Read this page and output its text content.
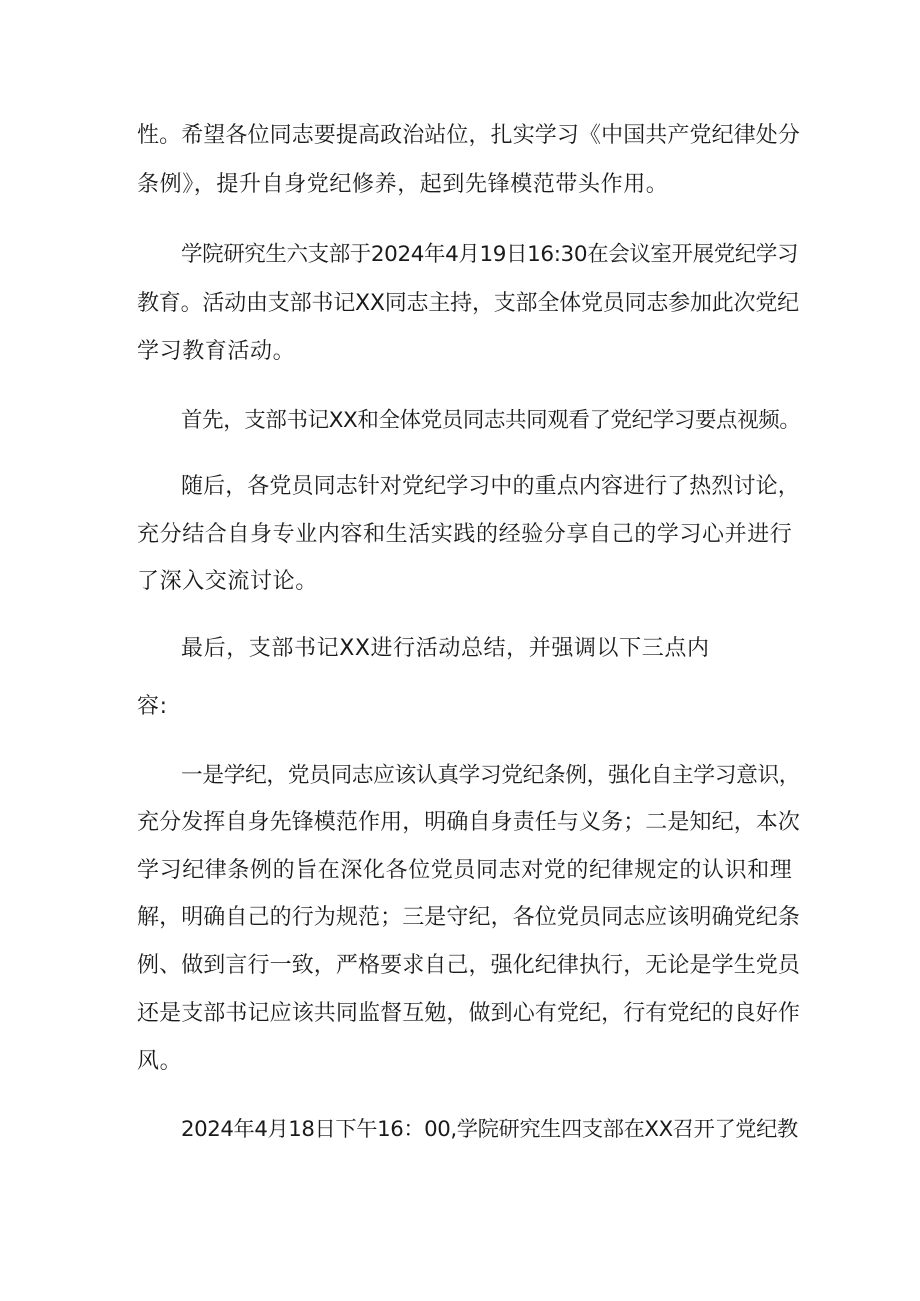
性。希望各位同志要提高政治站位，扎实学习《中国共产党纪律处分
条例》，提升自身党纪修养，起到先锋模范带头作用。
学院研究生六支部于2024年4月19日16:30在会议室开展党纪学习
教育。活动由支部书记XX同志主持，支部全体党员同志参加此次党纪
学习教育活动。
首先，支部书记XX和全体党员同志共同观看了党纪学习要点视频。
随后，各党员同志针对党纪学习中的重点内容进行了热烈讨论，
充分结合自身专业内容和生活实践的经验分享自己的学习心并进行
了深入交流讨论。
最后，支部书记XX进行活动总结，并强调以下三点内
容:
一是学纪，党员同志应该认真学习党纪条例，强化自主学习意识，
充分发挥自身先锋模范作用，明确自身责任与义务；二是知纪，本次
学习纪律条例的旨在深化各位党员同志对党的纪律规定的认识和理
解，明确自己的行为规范；三是守纪，各位党员同志应该明确党纪条
例、做到言行一致，严格要求自己，强化纪律执行，无论是学生党员
还是支部书记应该共同监督互勉，做到心有党纪，行有党纪的良好作
风。
2024年4月18日下午16：00,学院研究生四支部在XX召开了党纪教
